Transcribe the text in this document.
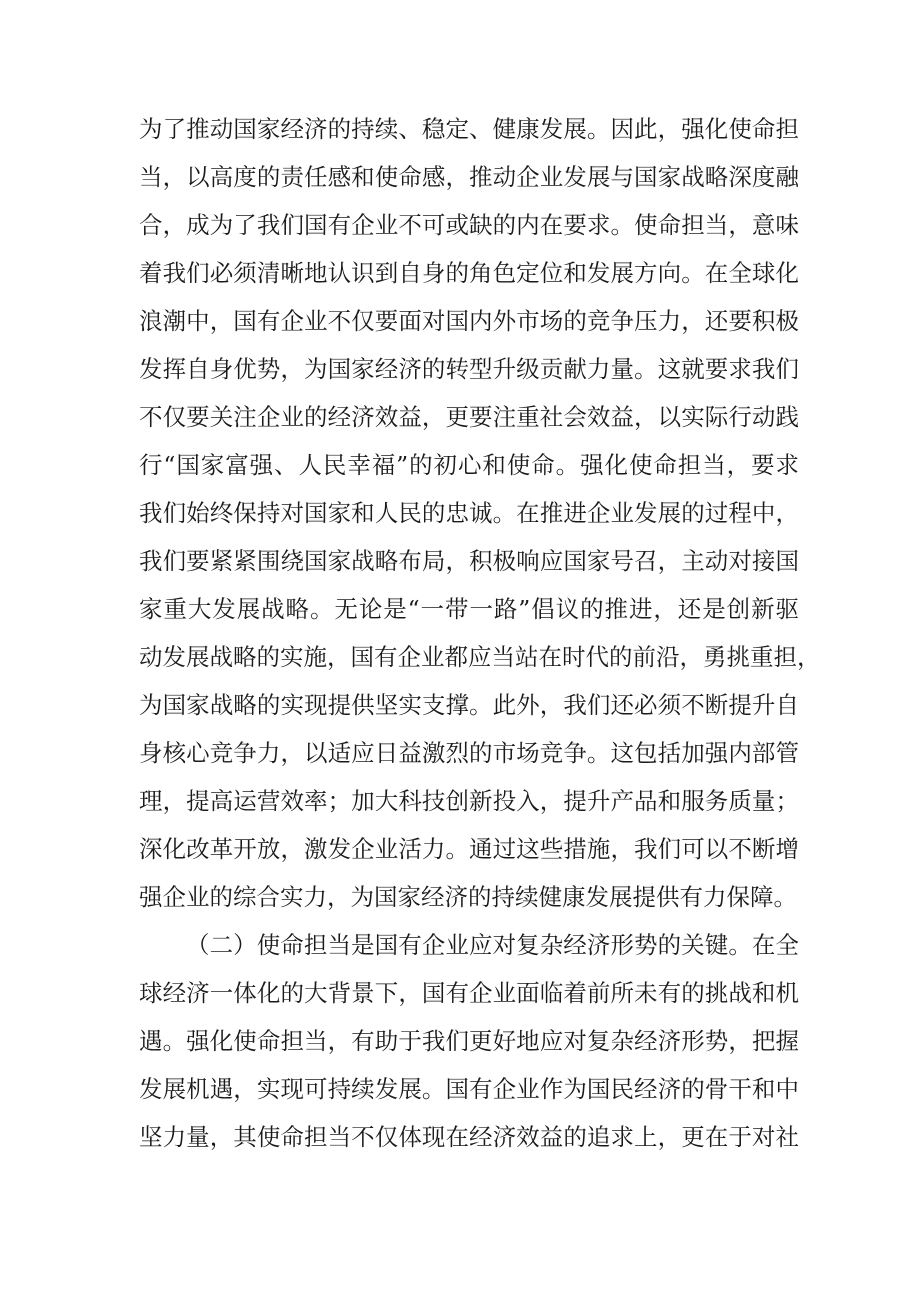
为了推动国家经济的持续、稳定、健康发展。因此，强化使命担
当，以高度的责任感和使命感，推动企业发展与国家战略深度融
合，成为了我们国有企业不可或缺的内在要求。使命担当，意味
着我们必须清晰地认识到自身的角色定位和发展方向。在全球化
浪潮中，国有企业不仅要面对国内外市场的竞争压力，还要积极
发挥自身优势，为国家经济的转型升级贡献力量。这就要求我们
不仅要关注企业的经济效益，更要注重社会效益，以实际行动践
行“国家富强、人民幸福”的初心和使命。强化使命担当，要求
我们始终保持对国家和人民的忠诚。在推进企业发展的过程中，
我们要紧紧围绕国家战略布局，积极响应国家号召，主动对接国
家重大发展战略。无论是“一带一路”倡议的推进，还是创新驱
动发展战略的实施，国有企业都应当站在时代的前沿，勇挑重担，
为国家战略的实现提供坚实支撑。此外，我们还必须不断提升自
身核心竞争力，以适应日益激烈的市场竞争。这包括加强内部管
理，提高运营效率；加大科技创新投入，提升产品和服务质量；
深化改革开放，激发企业活力。通过这些措施，我们可以不断增
强企业的综合实力，为国家经济的持续健康发展提供有力保障。
（二）使命担当是国有企业应对复杂经济形势的关键。在全
球经济一体化的大背景下，国有企业面临着前所未有的挑战和机
遇。强化使命担当，有助于我们更好地应对复杂经济形势，把握
发展机遇，实现可持续发展。国有企业作为国民经济的骨干和中
坚力量，其使命担当不仅体现在经济效益的追求上，更在于对社
